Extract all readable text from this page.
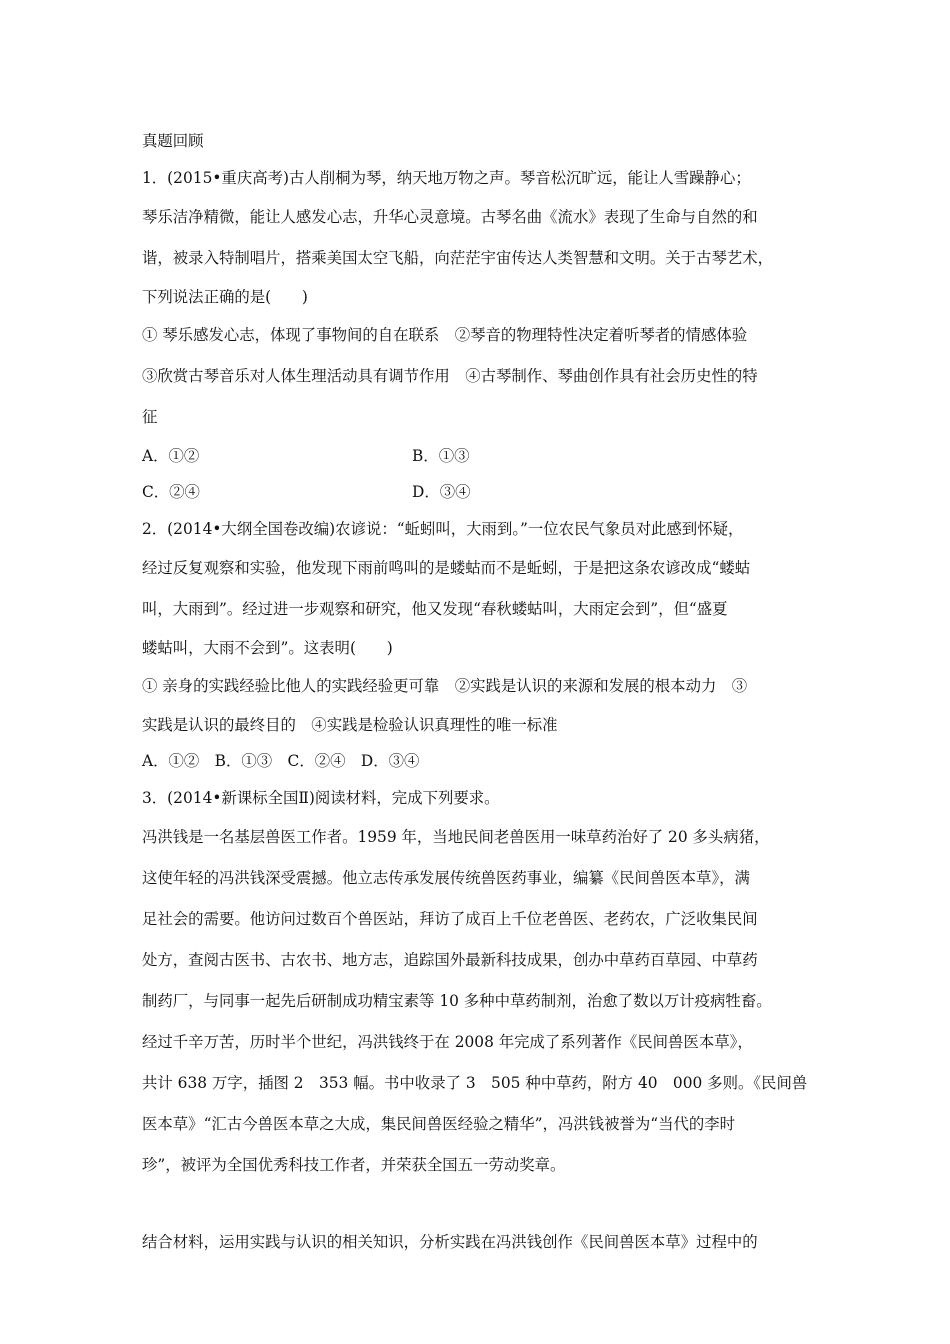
真题回顾
1．(2015•重庆高考)古人削桐为琴，纳天地万物之声。琴音松沉旷远，能让人雪躁静心；
琴乐洁净精微，能让人感发心志，升华心灵意境。古琴名曲《流水》表现了生命与自然的和
谐，被录入特制唱片，搭乘美国太空飞船，向茫茫宇宙传达人类智慧和文明。关于古琴艺术，
下列说法正确的是(　　)
① 琴乐感发心志，体现了事物间的自在联系　②琴音的物理特性决定着听琴者的情感体验
③欣赏古琴音乐对人体生理活动具有调节作用　④古琴制作、琴曲创作具有社会历史性的特
征
A．①②	B．①③
C．②④	D．③④
2．(2014•大纲全国卷改编)农谚说：“蚯蚓叫，大雨到。”一位农民气象员对此感到怀疑，
经过反复观察和实验，他发现下雨前鸣叫的是蝼蛄而不是蚯蚓，于是把这条农谚改成“蝼蛄
叫，大雨到”。经过进一步观察和研究，他又发现“春秋蝼蛄叫，大雨定会到”，但“盛夏
蝼蛄叫，大雨不会到”。这表明(　　)
① 亲身的实践经验比他人的实践经验更可靠　②实践是认识的来源和发展的根本动力　③
实践是认识的最终目的　④实践是检验认识真理性的唯一标准
A．①②　B．①③　C．②④　D．③④
3．(2014•新课标全国Ⅱ)阅读材料，完成下列要求。
冯洪钱是一名基层兽医工作者。1959 年，当地民间老兽医用一味草药治好了 20 多头病猪，
这使年轻的冯洪钱深受震撼。他立志传承发展传统兽医药事业，编纂《民间兽医本草》，满
足社会的需要。他访问过数百个兽医站，拜访了成百上千位老兽医、老药农，广泛收集民间
处方，查阅古医书、古农书、地方志，追踪国外最新科技成果，创办中草药百草园、中草药
制药厂，与同事一起先后研制成功精宝素等 10 多种中草药制剂，治愈了数以万计疫病牲畜。
经过千辛万苦，历时半个世纪，冯洪钱终于在 2008 年完成了系列著作《民间兽医本草》，
共计 638 万字，插图 2　353 幅。书中收录了 3　505 种中草药，附方 40　000 多则。《民间兽
医本草》“汇古今兽医本草之大成，集民间兽医经验之精华”，冯洪钱被誉为“当代的李时
珍”，被评为全国优秀科技工作者，并荣获全国五一劳动奖章。
结合材料，运用实践与认识的相关知识，分析实践在冯洪钱创作《民间兽医本草》过程中的
